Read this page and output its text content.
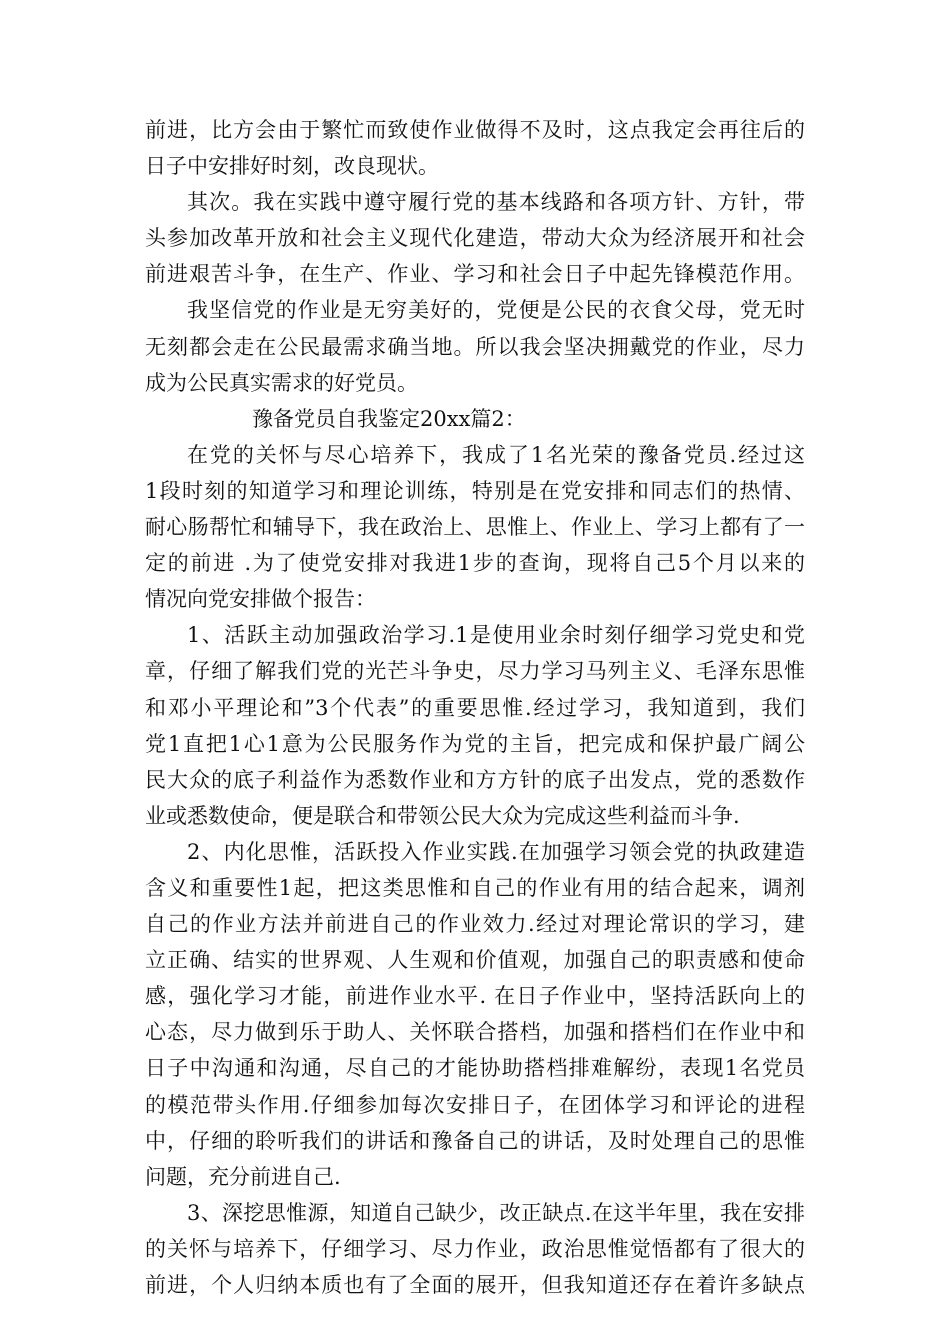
前进，比方会由于繁忙而致使作业做得不及时，这点我定会再往后的
日子中安排好时刻，改良现状。
其次。我在实践中遵守履行党的基本线路和各项方针、方针，带
头参加改革开放和社会主义现代化建造，带动大众为经济展开和社会
前进艰苦斗争，在生产、作业、学习和社会日子中起先锋模范作用。
我坚信党的作业是无穷美好的，党便是公民的衣食父母，党无时
无刻都会走在公民最需求确当地。所以我会坚决拥戴党的作业，尽力
成为公民真实需求的好党员。
豫备党员自我鉴定20xx篇2：
在党的关怀与尽心培养下，我成了1名光荣的豫备党员.经过这
1段时刻的知道学习和理论训练，特别是在党安排和同志们的热情、
耐心肠帮忙和辅导下，我在政治上、思惟上、作业上、学习上都有了一
定的前进 .为了使党安排对我进1步的查询，现将自己5个月以来的
情况向党安排做个报告：
1、活跃主动加强政治学习.1是使用业余时刻仔细学习党史和党
章，仔细了解我们党的光芒斗争史，尽力学习马列主义、毛泽东思惟
和邓小平理论和”3个代表”的重要思惟.经过学习，我知道到，我们
党1直把1心1意为公民服务作为党的主旨，把完成和保护最广阔公
民大众的底子利益作为悉数作业和方方针的底子出发点，党的悉数作
业或悉数使命，便是联合和带领公民大众为完成这些利益而斗争.
2、内化思惟，活跃投入作业实践.在加强学习领会党的执政建造
含义和重要性1起，把这类思惟和自己的作业有用的结合起来，调剂
自己的作业方法并前进自己的作业效力.经过对理论常识的学习，建
立正确、结实的世界观、人生观和价值观，加强自己的职责感和使命
感，强化学习才能，前进作业水平. 在日子作业中，坚持活跃向上的
心态，尽力做到乐于助人、关怀联合搭档，加强和搭档们在作业中和
日子中沟通和沟通，尽自己的才能协助搭档排难解纷，表现1名党员
的模范带头作用.仔细参加每次安排日子，在团体学习和评论的进程
中，仔细的聆听我们的讲话和豫备自己的讲话，及时处理自己的思惟
问题，充分前进自己.
3、深挖思惟源，知道自己缺少，改正缺点.在这半年里，我在安排
的关怀与培养下，仔细学习、尽力作业，政治思惟觉悟都有了很大的
前进，个人归纳本质也有了全面的展开，但我知道还存在着许多缺点
